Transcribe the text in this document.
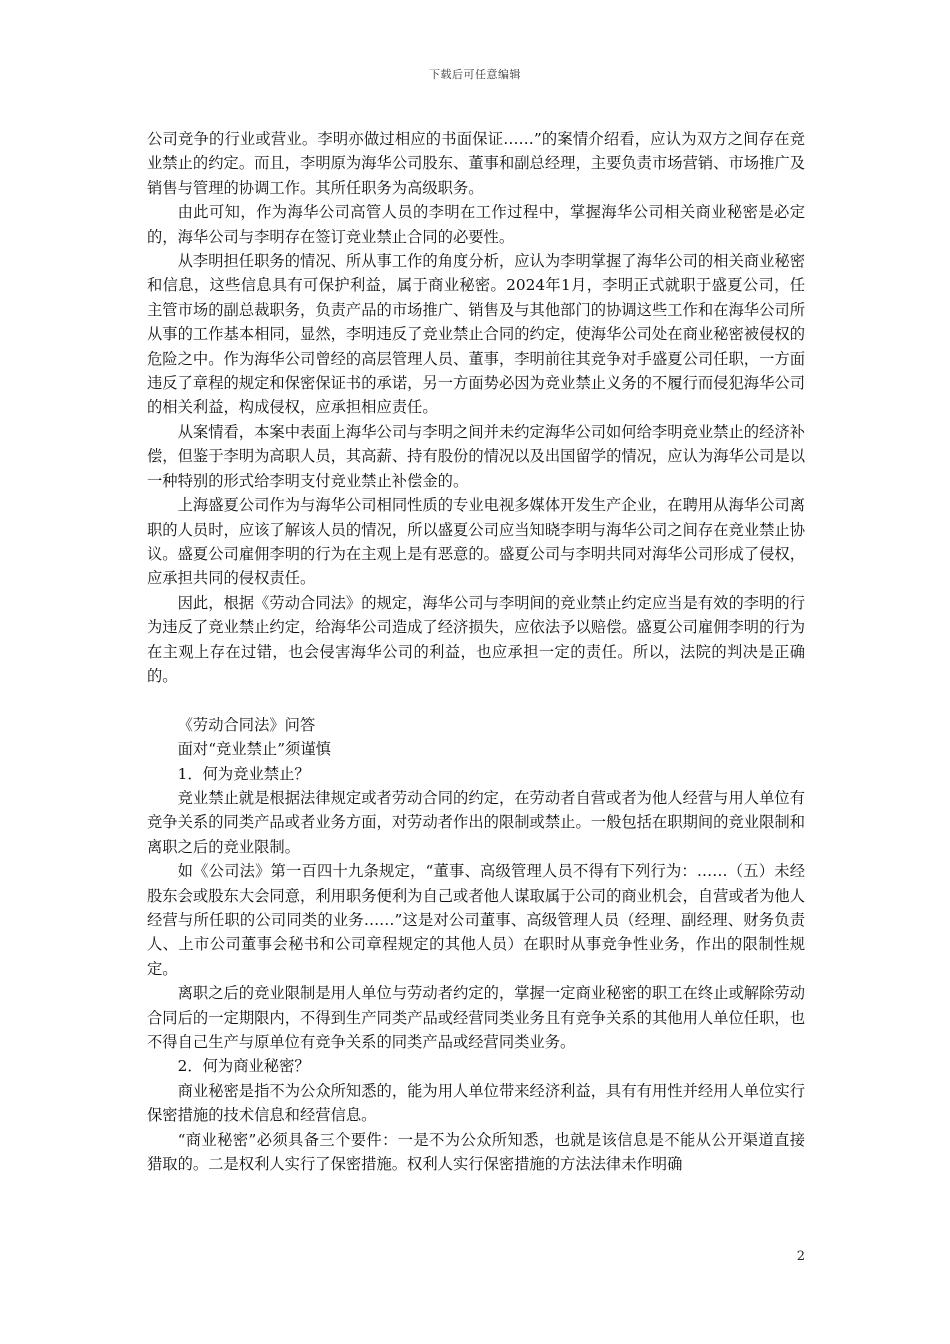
下载后可任意编辑

公司竞争的行业或营业。李明亦做过相应的书面保证……”的案情介绍看，应认为双方之间存在竞业禁止的约定。而且，李明原为海华公司股东、董事和副总经理，主要负责市场营销、市场推广及销售与管理的协调工作。其所任职务为高级职务。

由此可知，作为海华公司高管人员的李明在工作过程中，掌握海华公司相关商业秘密是必定的，海华公司与李明存在签订竞业禁止合同的必要性。

从李明担任职务的情况、所从事工作的角度分析，应认为李明掌握了海华公司的相关商业秘密和信息，这些信息具有可保护利益，属于商业秘密。2024年1月，李明正式就职于盛夏公司，任主管市场的副总裁职务，负责产品的市场推广、销售及与其他部门的协调这些工作和在海华公司所从事的工作基本相同，显然，李明违反了竞业禁止合同的约定，使海华公司处在商业秘密被侵权的危险之中。作为海华公司曾经的高层管理人员、董事，李明前往其竞争对手盛夏公司任职，一方面违反了章程的规定和保密保证书的承诺，另一方面势必因为竞业禁止义务的不履行而侵犯海华公司的相关利益，构成侵权，应承担相应责任。

从案情看，本案中表面上海华公司与李明之间并未约定海华公司如何给李明竞业禁止的经济补偿，但鉴于李明为高职人员，其高薪、持有股份的情况以及出国留学的情况，应认为海华公司是以一种特别的形式给李明支付竞业禁止补偿金的。

上海盛夏公司作为与海华公司相同性质的专业电视多媒体开发生产企业，在聘用从海华公司离职的人员时，应该了解该人员的情况，所以盛夏公司应当知晓李明与海华公司之间存在竞业禁止协议。盛夏公司雇佣李明的行为在主观上是有恶意的。盛夏公司与李明共同对海华公司形成了侵权，应承担共同的侵权责任。

因此，根据《劳动合同法》的规定，海华公司与李明间的竞业禁止约定应当是有效的李明的行为违反了竞业禁止约定，给海华公司造成了经济损失，应依法予以赔偿。盛夏公司雇佣李明的行为在主观上存在过错，也会侵害海华公司的利益，也应承担一定的责任。所以，法院的判决是正确的。

《劳动合同法》问答

面对“竞业禁止”须谨慎

1．何为竞业禁止？

竞业禁止就是根据法律规定或者劳动合同的约定，在劳动者自营或者为他人经营与用人单位有竞争关系的同类产品或者业务方面，对劳动者作出的限制或禁止。一般包括在职期间的竞业限制和离职之后的竞业限制。

如《公司法》第一百四十九条规定，“董事、高级管理人员不得有下列行为：……（五）未经股东会或股东大会同意，利用职务便利为自己或者他人谋取属于公司的商业机会，自营或者为他人经营与所任职的公司同类的业务……”这是对公司董事、高级管理人员（经理、副经理、财务负责人、上市公司董事会秘书和公司章程规定的其他人员）在职时从事竞争性业务，作出的限制性规定。

离职之后的竞业限制是用人单位与劳动者约定的，掌握一定商业秘密的职工在终止或解除劳动合同后的一定期限内，不得到生产同类产品或经营同类业务且有竞争关系的其他用人单位任职，也不得自己生产与原单位有竞争关系的同类产品或经营同类业务。

2．何为商业秘密？

商业秘密是指不为公众所知悉的，能为用人单位带来经济利益，具有有用性并经用人单位实行保密措施的技术信息和经营信息。

“商业秘密”必须具备三个要件：一是不为公众所知悉，也就是该信息是不能从公开渠道直接猎取的。二是权利人实行了保密措施。权利人实行保密措施的方法法律未作明确

2
